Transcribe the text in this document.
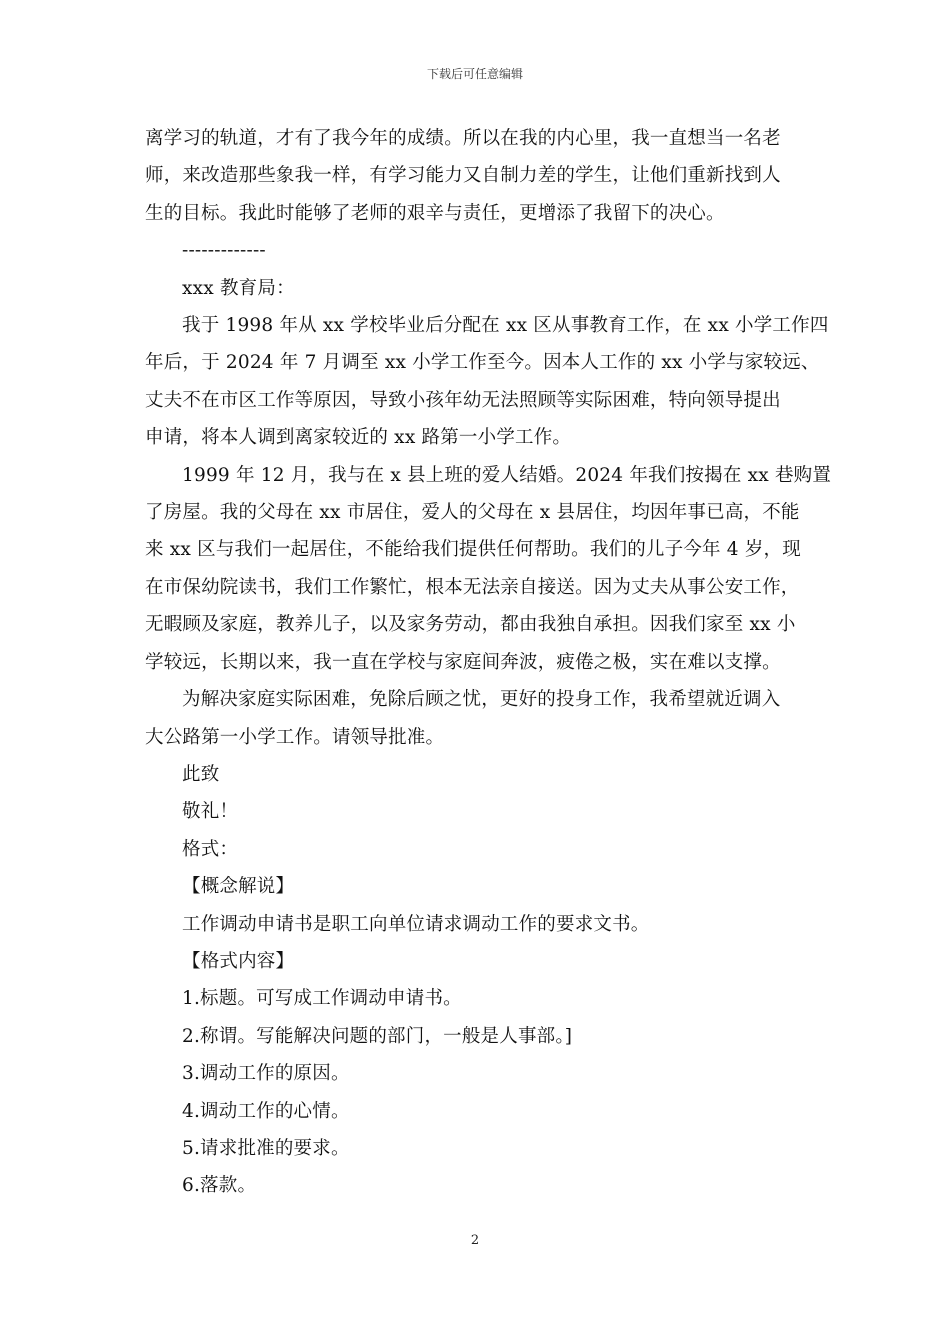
下载后可任意编辑

离学习的轨道，才有了我今年的成绩。所以在我的内心里，我一直想当一名老

师，来改造那些象我一样，有学习能力又自制力差的学生，让他们重新找到人

生的目标。我此时能够了老师的艰辛与责任，更增添了我留下的决心。

-------------

xxx 教育局：

我于 1998 年从 xx 学校毕业后分配在 xx 区从事教育工作，在 xx 小学工作四

年后，于 2024 年 7 月调至 xx 小学工作至今。因本人工作的 xx 小学与家较远、

丈夫不在市区工作等原因，导致小孩年幼无法照顾等实际困难，特向领导提出

申请，将本人调到离家较近的 xx 路第一小学工作。

1999 年 12 月，我与在 x 县上班的爱人结婚。2024 年我们按揭在 xx 巷购置

了房屋。我的父母在 xx 市居住，爱人的父母在 x 县居住，均因年事已高，不能

来 xx 区与我们一起居住，不能给我们提供任何帮助。我们的儿子今年 4 岁，现

在市保幼院读书，我们工作繁忙，根本无法亲自接送。因为丈夫从事公安工作，

无暇顾及家庭，教养儿子，以及家务劳动，都由我独自承担。因我们家至 xx 小

学较远，长期以来，我一直在学校与家庭间奔波，疲倦之极，实在难以支撑。

为解决家庭实际困难，免除后顾之忧，更好的投身工作，我希望就近调入

大公路第一小学工作。请领导批准。

此致

敬礼！

格式：

【概念解说】

工作调动申请书是职工向单位请求调动工作的要求文书。

【格式内容】

1.标题。可写成工作调动申请书。

2.称谓。写能解决问题的部门，一般是人事部。]

3.调动工作的原因。

4.调动工作的心情。

5.请求批准的要求。

6.落款。

2
